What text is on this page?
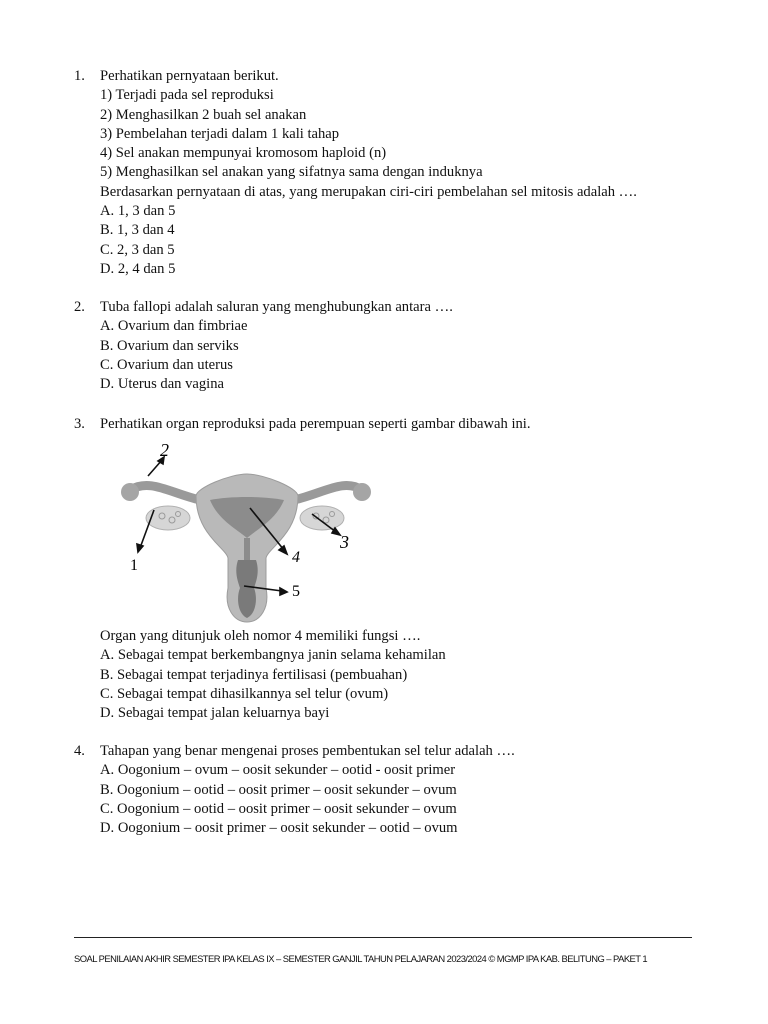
1. Perhatikan pernyataan berikut.
1) Terjadi pada sel reproduksi
2) Menghasilkan 2 buah sel anakan
3) Pembelahan terjadi dalam 1 kali tahap
4) Sel anakan mempunyai kromosom haploid (n)
5) Menghasilkan sel anakan yang sifatnya sama dengan induknya
Berdasarkan pernyataan di atas, yang merupakan ciri-ciri pembelahan sel mitosis adalah ….
A. 1, 3 dan 5
B. 1, 3 dan 4
C. 2, 3 dan 5
D. 2, 4 dan 5
2. Tuba fallopi adalah saluran yang menghubungkan antara ….
A. Ovarium dan fimbriae
B. Ovarium dan serviks
C. Ovarium dan uterus
D. Uterus dan vagina
3. Perhatikan organ reproduksi pada perempuan seperti gambar dibawah ini.
2
1
3
4
5
Organ yang ditunjuk oleh nomor 4 memiliki fungsi ….
A. Sebagai tempat berkembangnya janin selama kehamilan
B. Sebagai tempat terjadinya fertilisasi (pembuahan)
C. Sebagai tempat dihasilkannya sel telur (ovum)
D. Sebagai tempat jalan keluarnya bayi
4. Tahapan yang benar mengenai proses pembentukan sel telur adalah ….
A. Oogonium – ovum – oosit sekunder – ootid - oosit primer
B. Oogonium – ootid – oosit primer – oosit sekunder – ovum
C. Oogonium – ootid – oosit primer – oosit sekunder – ovum
D. Oogonium – oosit primer – oosit sekunder – ootid – ovum
SOAL PENILAIAN AKHIR SEMESTER IPA KELAS IX – SEMESTER GANJIL TAHUN PELAJARAN 2023/2024 © MGMP IPA KAB. BELITUNG – PAKET 1
